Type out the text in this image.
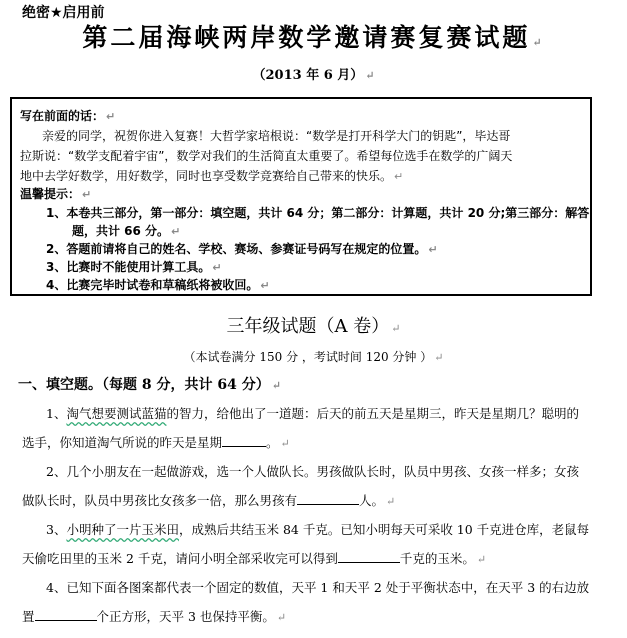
绝密★启用前
第二届海峡两岸数学邀请赛复赛试题 ↵
（2013 年 6 月） ↵
写在前面的话： ↵
亲爱的同学，祝贺你进入复赛！大哲学家培根说：“数学是打开科学大门的钥匙”，毕达哥
拉斯说：“数学支配着宇宙”，数学对我们的生活简直太重要了。希望每位选手在数学的广阔天
地中去学好数学，用好数学，同时也享受数学竞赛给自己带来的快乐。 ↵
温馨提示： ↵
1、本卷共三部分，第一部分：填空题，共计 64 分；第二部分：计算题，共计 20 分;第三部分：解答
题，共计 66 分。 ↵
2、答题前请将自己的姓名、学校、赛场、参赛证号码写在规定的位置。 ↵
3、比赛时不能使用计算工具。 ↵
4、比赛完毕时试卷和草稿纸将被收回。 ↵
三年级试题（A 卷） ↵
（本试卷满分 150 分 ，考试时间 120 分钟 ） ↵
一、填空题。（每题 8 分，共计 64 分） ↵
1、淘气想要测试蓝猫的智力，给他出了一道题：后天的前五天是星期三，昨天是星期几？聪明的
选手，你知道淘气所说的昨天是星期	。 ↵
2、几个小朋友在一起做游戏，选一个人做队长。男孩做队长时，队员中男孩、女孩一样多；女孩
做队长时，队员中男孩比女孩多一倍，那么男孩有	人。 ↵
3、小明种了一片玉米田，成熟后共结玉米 84 千克。已知小明每天可采收 10 千克进仓库，老鼠每
天偷吃田里的玉米 2 千克，请问小明全部采收完可以得到	千克的玉米。 ↵
4、已知下面各图案都代表一个固定的数值，天平 1 和天平 2 处于平衡状态中，在天平 3 的右边放
置	个正方形，天平 3 也保持平衡。 ↵
